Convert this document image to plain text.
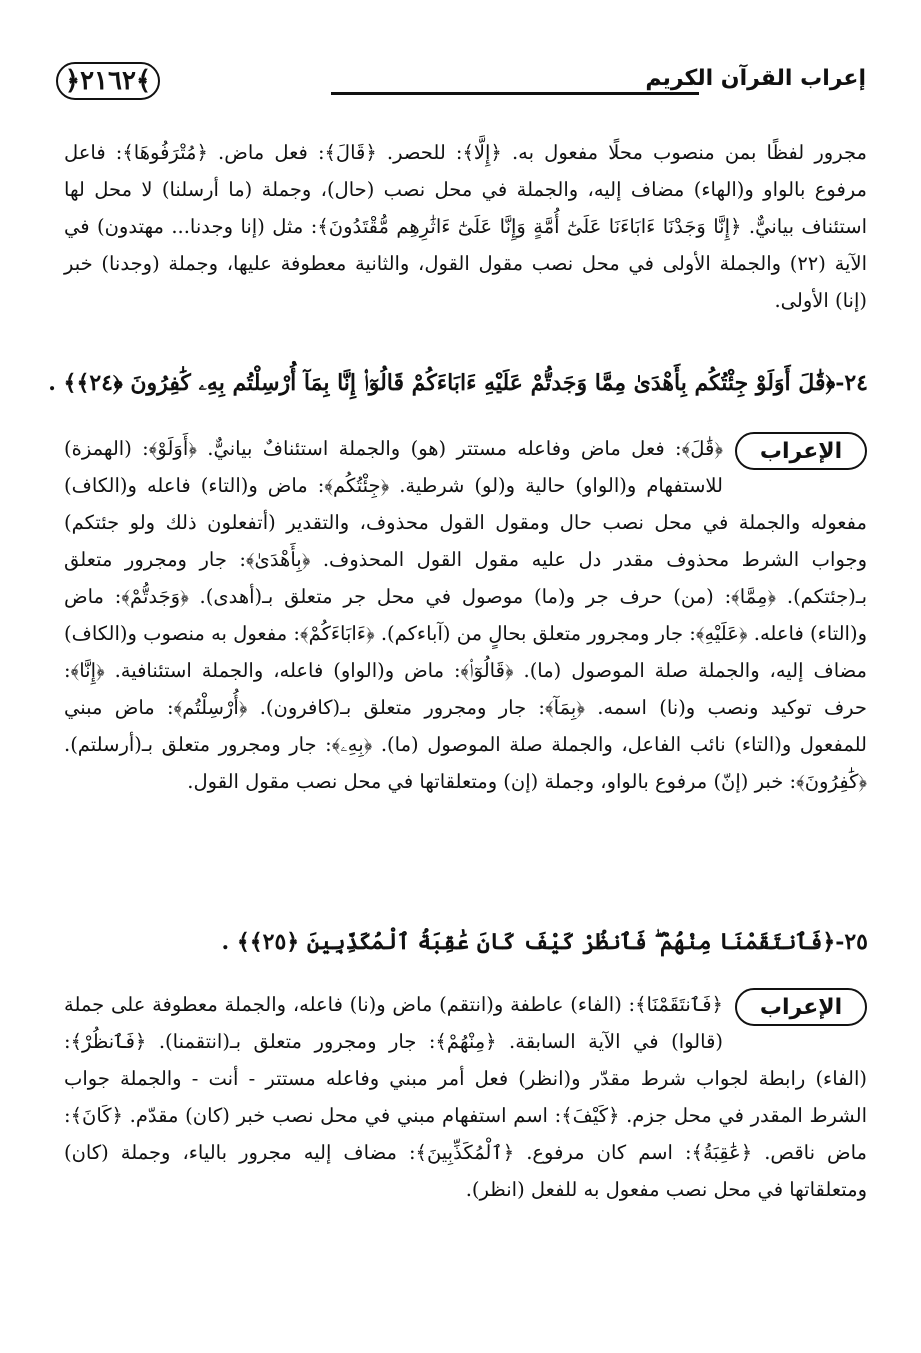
﴿٢١٦٢﴾	إعراب القرآن الكريم

مجرور لفظًا بمن منصوب محلًا مفعول به. ﴿إِلَّا﴾: للحصر. ﴿قَالَ﴾: فعل ماض. ﴿مُتْرَفُوهَا﴾: فاعل مرفوع بالواو و(الهاء) مضاف إليه، والجملة في محل نصب (حال)، وجملة (ما أرسلنا) لا محل لها استئناف بيانيٌّ. ﴿إِنَّا وَجَدْنَا ءَابَاءَنَا عَلَىٰٓ أُمَّةٍ وَإِنَّا عَلَىٰٓ ءَاثَٰرِهِم مُّقْتَدُونَ﴾: مثل (إنا وجدنا... مهتدون) في الآية (٢٢) والجملة الأولى في محل نصب مقول القول، والثانية معطوفة عليها، وجملة (وجدنا) خبر (إنا) الأولى.

٢٤-﴿قَٰلَ أَوَلَوْ جِئْتُكُم بِأَهْدَىٰ مِمَّا وَجَدتُّمْ عَلَيْهِ ءَابَاءَكُمْ قَالُوٓا۟ إِنَّا بِمَآ أُرْسِلْتُم بِهِۦ كَٰفِرُونَ ﴿٢٤﴾﴾ .
الإعراب

﴿قَٰلَ﴾: فعل ماض وفاعله مستتر (هو) والجملة استئنافٌ بيانيٌّ. ﴿أَوَلَوْ﴾: (الهمزة) للاستفهام و(الواو) حالية و(لو) شرطية. ﴿جِئْتُكُم﴾: ماض و(التاء) فاعله و(الكاف) مفعوله والجملة في محل نصب حال ومقول القول محذوف، والتقدير (أتفعلون ذلك ولو جئتكم) وجواب الشرط محذوف مقدر دل عليه مقول القول المحذوف. ﴿بِأَهْدَىٰ﴾: جار ومجرور متعلق بـ(جئتكم). ﴿مِمَّا﴾: (من) حرف جر و(ما) موصول في محل جر متعلق بـ(أهدى). ﴿وَجَدتُّمْ﴾: ماض و(التاء) فاعله. ﴿عَلَيْهِ﴾: جار ومجرور متعلق بحالٍ من (آباءكم). ﴿ءَابَاءَكُمْ﴾: مفعول به منصوب و(الكاف) مضاف إليه، والجملة صلة الموصول (ما). ﴿قَالُوٓا۟﴾: ماض و(الواو) فاعله، والجملة استئنافية. ﴿إِنَّا﴾: حرف توكيد ونصب و(نا) اسمه. ﴿بِمَآ﴾: جار ومجرور متعلق بـ(كافرون). ﴿أُرْسِلْتُم﴾: ماض مبني للمفعول و(التاء) نائب الفاعل، والجملة صلة الموصول (ما). ﴿بِهِۦ﴾: جار ومجرور متعلق بـ(أرسلتم). ﴿كَٰفِرُونَ﴾: خبر (إنّ) مرفوع بالواو، وجملة (إن) ومتعلقاتها في محل نصب مقول القول.

٢٥-﴿فَٱنتَقَمْنَا مِنْهُمْ ۖ فَٱنظُرْ كَيْفَ كَانَ عَٰقِبَةُ ٱلْمُكَذِّبِينَ ﴿٢٥﴾﴾ .
الإعراب

﴿فَٱنتَقَمْنَا﴾: (الفاء) عاطفة و(انتقم) ماض و(نا) فاعله، والجملة معطوفة على جملة (قالوا) في الآية السابقة. ﴿مِنْهُمْ﴾: جار ومجرور متعلق بـ(انتقمنا). ﴿فَٱنظُرْ﴾: (الفاء) رابطة لجواب شرط مقدّر و(انظر) فعل أمر مبني وفاعله مستتر - أنت - والجملة جواب الشرط المقدر في محل جزم. ﴿كَيْفَ﴾: اسم استفهام مبني في محل نصب خبر (كان) مقدّم. ﴿كَانَ﴾: ماض ناقص. ﴿عَٰقِبَةُ﴾: اسم كان مرفوع. ﴿ٱلْمُكَذِّبِينَ﴾: مضاف إليه مجرور بالياء، وجملة (كان) ومتعلقاتها في محل نصب مفعول به للفعل (انظر).
